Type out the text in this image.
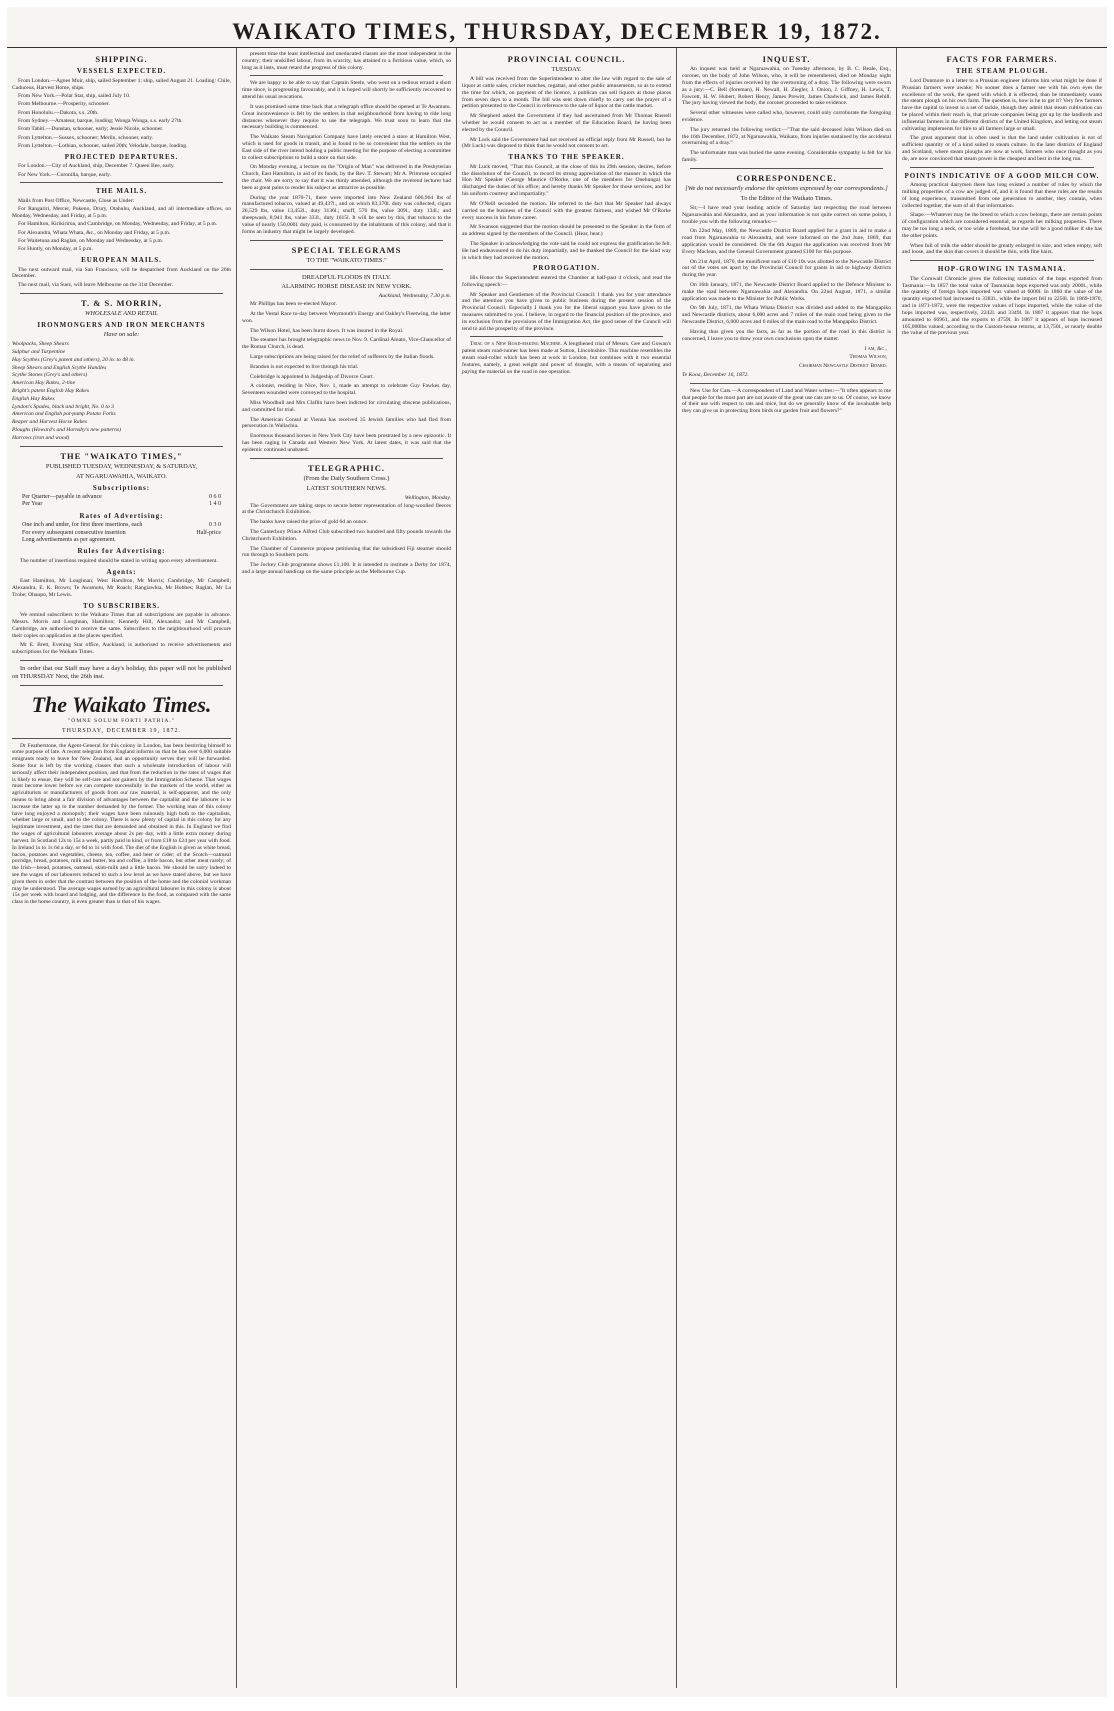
WAIKATO TIMES, THURSDAY, DECEMBER 19, 1872.
SHIPPING.
VESSELS EXPECTED.
From London.—Agnes Muir, ship, sailed September 1; ship, sailed August 21. Loading: Chile, Caduceus, Harvest Home, ships.
From New York.—Polar Star, ship, sailed July 10.
From Melbourne.—Prosperity, schooner.
From Honolulu.—Dakota, s.s. 20th.
From Sydney.—Amateur, barque, loading; Wonga Wonga, s.s. early 27th.
From Tahiti.—Dunstan, schooner, early; Jessie Nicole, schooner.
From Lyttelton.—Sussex, schooner; Merlin, schooner, early.
From Lyttelton.—Lothian, schooner, sailed 20th; Velodale, barque, loading.
PROJECTED DEPARTURES.
For London.—City of Auckland, ship, December 7. Queen Bee, early.
For New York.—Coronilla, barque, early.
THE MAILS.
Mails from Post Office, Newcastle, Close as Under:
For Rangariri, Mercer, Pokeno, Drury, Otahuhu, Auckland, and all intermediate offices, on Monday, Wednesday, and Friday, at 5 p.m.
For Hamilton, Kirikiriroa, and Cambridge, on Monday, Wednesday, and Friday, at 5 p.m.
For Alexandra, Whata Whata, &c., on Monday and Friday, at 5 p.m.
For Waitetuna and Raglan, on Monday and Wednesday, at 5 p.m.
For Huntly, on Monday, at 5 p.m.
EUROPEAN MAILS.
The next outward mail, via San Francisco, will be despatched from Auckland on the 26th December.
The next mail, via Suez, will leave Melbourne on the 31st December.
T. & S. MORRIN,
WHOLESALE AND RETAIL
IRONMONGERS AND IRON MERCHANTS
Have on sale:
Woolpacks, Sheep Shears
Sulphur and Turpentine
Hay Scythes (Grey's patent and others), 20 in. to 48 in.
Sheep Shears and English Scythe Handles
Scythe Stones (Grey's and others)
American Hay Rakes, 2-tine
Bright's patent English Hay Rakes
English Hay Rakes
Lyndon's Spades, black and bright, No. 0 to 3
American and English pot-pump Potato Forks
Reaper and Harvest Horse Rakes
Ploughs (Howard's and Hornsby's new patterns)
Harrows (iron and wood)
THE "WAIKATO TIMES,"
PUBLISHED TUESDAY, WEDNESDAY, & SATURDAY,
AT NGARUAWAHIA, WAIKATO.
Subscriptions:
Per Quarter—payable in advance	0 6 0
Per Year	1 4 0
Rates of Advertising:
One inch and under, for first three insertions, each	0 3 0
For every subsequent consecutive insertion	Half-price
Long advertisements as per agreement.
Rules for Advertising:
The number of insertions required should be stated in writing upon every advertisement.
Agents:
East Hamilton, Mr Loughnan; West Hamilton, Mr Morris; Cambridge, Mr Campbell; Alexandra, E. K. Brown; Te Awamutu, Mr Roach; Rangiawhia, Mr Hobbes; Raglan, Mr La Trobe; Ohaupo, Mr Lewis.
TO SUBSCRIBERS.
We remind subscribers to the Waikato Times that all subscriptions are payable in advance. Messrs. Morris and Loughnan, Hamilton; Kennedy Hill, Alexandra; and Mr Campbell, Cambridge, are authorised to receive the same. Subscribers to the neighbourhood will procure their copies on application at the places specified.
Mr E. Brett, Evening Star office, Auckland, is authorised to receive advertisements and subscriptions for the Waikato Times.
In order that our Staff may have a day's holiday, this paper will not be published on THURSDAY Next, the 26th inst.
The Waikato Times.
"OMNE SOLUM FORTI PATRIA."
THURSDAY, DECEMBER 19, 1872.
Dr Featherstone, the Agent-General for this colony in London, has been bestirring himself to some purpose of late. A recent telegram from England informs us that he has over 6,000 suitable emigrants ready to leave for New Zealand, and an opportunity serves they will be forwarded. Some four is left by the working classes that such a wholesale introduction of labour will seriously affect their independent position, and that from the reduction in the rates of wages that is likely to ensue, they will be self-rare and not gainers by the Immigration Scheme. That wages must become lower before we can compete successfully in the markets of the world, either as agriculturists or manufacturers of goods from our raw material, is self-apparent, and the only means to bring about a fair division of advantages between the capitalist and the labourer is to increase the latter up to the number demanded by the former. The working man of this colony have long enjoyed a monopoly; their wages have been ruinously high both to the capitalists, whether large or small, and to the colony. There is now plenty of capital in this colony for any legitimate investment, and the rates that are demanded and obtained in this. In England we find the wages of agricultural labourers average about 2s per day, with a little extra money during harvest. In Scotland 12s to 15s a week, partly paid in kind, or from £18 to £24 per year with food. In Ireland 1s to 1s 6d a day, or 6d to 1s with food. The diet of the English is given as white bread, bacon, potatoes and vegetables, cheese, tea, coffee, and beer or cider; of the Scotch—oatmeal porridge, bread, potatoes, milk and butter, tea and coffee, a little bacon, but other meat rarely; of the Irish—bread, potatoes, oatmeal, skim-milk and a little bacon. We should be sorry indeed to see the wages of our labourers reduced to such a low level as we have stated above, but we have given them in order that the contrast between the position of the home and the colonial workman may be understood. The average wages earned by an agricultural labourer in this colony is about 15s per week with board and lodging, and the difference in the food, as compared with the same class in the home country, is even greater than is that of his wages.
present time the least intellectual and uneducated classes are the most independent in the country; their unskilled labour, from its scarcity, has attained to a fictitious value, which, so long as it lasts, must retard the progress of this colony.
We are happy to be able to say that Captain Steele, who went on a tedious errand a short time since, is progressing favourably, and it is hoped will shortly be sufficiently recovered to attend his usual avocations.
It was promised some time back that a telegraph office should be opened at Te Awamutu. Great inconvenience is felt by the settlers in that neighbourhood from having to ride long distances whenever they require to use the telegraph. We trust soon to learn that the necessary building is commenced.
The Waikato Steam Navigation Company have lately erected a store at Hamilton West, which is used for goods in transit, and is found to be so convenient that the settlers on the East side of the river intend holding a public meeting for the purpose of electing a committee to collect subscriptions to build a store on that side.
On Monday evening, a lecture on the "Origin of Man" was delivered in the Presbyterian Church, East Hamilton, in aid of its funds, by the Rev. T. Stewart; Mr A. Primrose occupied the chair. We are sorry to say that it was thinly attended, although the reverend lecturer had been at great pains to render his subject as attractive as possible.
During the year 1870-71, there were imported into New Zealand 606,964 lbs of manufactured tobacco, valued at 49,437l., and on which 83,370l. duty was collected; cigars 26,529 lbs, value 13,452l., duty 3136l.; snuff, 576 lbs, value 309l., duty 134l.; and sheepwash, 8,941 lbs, value 333l., duty 1615l. It will be seen by this, that tobacco to the value of nearly 150,000l. duty paid, is consumed by the inhabitants of this colony, and that it forms an industry that might be largely developed.
SPECIAL TELEGRAMS
TO THE "WAIKATO TIMES."
DREADFUL FLOODS IN ITALY.
ALARMING HORSE DISEASE IN NEW YORK.
Auckland, Wednesday, 7.30 p.m.
Mr Phillips has been re-elected Mayor.
At the Vestal Race to-day between Weymouth's Energy and Oakley's Fleetwing, the latter won.
The Wilson Hotel, has been burnt down. It was insured in the Royal.
The steamer has brought telegraphic news to Nov. 9. Cardinal Amato, Vice-Chancellor of the Roman Church, is dead.
Large subscriptions are being raised for the relief of sufferers by the Italian floods.
Brandon is not expected to live through his trial.
Colebridge is appointed to Judgeship of Divorce Court.
A colonist, residing in Nice, Nov. 1, made an attempt to celebrate Guy Fawkes day. Seventeen wounded were conveyed to the hospital.
Miss Woodhull and Mrs Claflin have been indicted for circulating obscene publications, and committed for trial.
The American Consul at Vienna has received 35 Jewish families who had fled from persecution in Wallachia.
Enormous thousand horses in New York City have been prostrated by a new epizootic. It has been raging in Canada and Western New York. At latest dates, it was said that the epidemic continued unabated.
TELEGRAPHIC.
(From the Daily Southern Cross.)
LATEST SOUTHERN NEWS.
Wellington, Monday.
The Government are taking steps to secure better representation of long-woolled fleeces at the Christchurch Exhibition.
The banks have raised the price of gold 6d an ounce.
The Canterbury Prince Alfred Club subscribed two hundred and fifty pounds towards the Christchurch Exhibition.
The Chamber of Commerce propose petitioning that the subsidised Fiji steamer should run through to Southern ports.
The Jockey Club programme shows £1,100. It is intended to institute a Derby for 1874, and a large annual handicap on the same principle as the Melbourne Cup.
PROVINCIAL COUNCIL.
TUESDAY.
A bill was received from the Superintendent to alter the law with regard to the sale of liquor at cattle sales, cricket matches, regattas, and other public amusements, so as to extend the time for which, on payment of the licence, a publican can sell liquors at those places from seven days to a month. The bill was sent down chiefly to carry out the prayer of a petition presented to the Council in reference to the sale of liquor at the cattle market.
Mr Shepherd asked the Government if they had ascertained from Mr Thomas Russell whether he would consent to act as a member of the Education Board, he having been elected by the Council.
Mr Luck said the Government had not received an official reply from Mr Russell, but he (Mr Luck) was disposed to think that he would not consent to act.
THANKS TO THE SPEAKER.
Mr Luck moved, "That this Council, at the close of this its 29th session, desires, before the dissolution of the Council, to record its strong appreciation of the manner in which the Hon Mr Speaker (George Maurice O'Rorke, one of the members for Onehunga) has discharged the duties of his office; and hereby thanks Mr Speaker for those services, and for his uniform courtesy and impartiality."
Mr O'Neill seconded the motion. He referred to the fact that Mr Speaker had always carried on the business of the Council with the greatest fairness, and wished Mr O'Rorke every success in his future career.
Mr Swanson suggested that the motion should be presented to the Speaker in the form of an address signed by the members of the Council. (Hear, hear.)
The Speaker in acknowledging the vote said he could not express the gratification he felt. He had endeavoured to do his duty impartially, and he thanked the Council for the kind way in which they had received the motion.
PROROGATION.
His Honor the Superintendent entered the Chamber at half-past 4 o'clock, and read the following speech:—
Mr Speaker and Gentlemen of the Provincial Council: I thank you for your attendance and the attention you have given to public business during the present session of the Provincial Council. Especially I thank you for the liberal support you have given to the measures submitted to you. I believe, in regard to the financial position of the province, and its exclusion from the provisions of the Immigration Act, the good sense of the Council will tend to aid the prosperity of the province.
Trial of a New Road-making Machine. A lengthened trial of Messrs. Gee and Gowan's patent steam road-runner has been made at Sutton, Lincolnshire. This machine resembles the steam road-roller which has been at work in London, but combines with it two essential features, namely, a great weight and power of draught, with a means of separating and paying the material on the road in one operation.
INQUEST.
An inquest was held at Ngaruawahia, on Tuesday afternoon, by B. C. Beale, Esq., coroner, on the body of John Wilson, who, it will be remembered, died on Monday night from the effects of injuries received by the overturning of a dray. The following were sworn as a jury:—C. Bell (foreman), H. Newall, H. Ziegler, J. Onion, J. Giffney, H. Lewis, T. Fawcett, H. W. Hubert, Robert Henry, James Prewitt, James Chadwick, and James Rehill. The jury having viewed the body, the coroner proceeded to take evidence.
Several other witnesses were called who, however, could only corroborate the foregoing evidence.
The jury returned the following verdict:—"That the said deceased John Wilson died on the 16th December, 1872, at Ngaruawahia, Waikato, from injuries sustained by the accidental overturning of a dray."
The unfortunate man was buried the same evening. Considerable sympathy is felt for his family.
CORRESPONDENCE.
[We do not necessarily endorse the opinions expressed by our correspondents.]
To the Editor of the Waikato Times.
Sir,—I have read your leading article of Saturday last respecting the road between Ngaruawahia and Alexandra, and as your information is not quite correct on some points, I trouble you with the following remarks:—
On 22nd May, 1869, the Newcastle District Board applied for a grant in aid to make a road from Ngaruawahia to Alexandra, and were informed on the 2nd June, 1869, that application would be considered. On the 6th August the application was received from Mr Every Maclean, and the General Government granted £100 for this purpose.
On 21st April, 1870, the munificent sum of £10 10s was allotted to the Newcastle District out of the votes set apart by the Provincial Council for grants in aid to highway districts during the year.
On 16th January, 1871, the Newcastle District Board applied to the Defence Minister to make the road between Ngaruawahia and Alexandra. On 22nd August, 1871, a similar application was made to the Minister for Public Works.
On 9th July, 1871, the Whata Whata District was divided and added to the Mangapiko and Newcastle districts, about 6,000 acres and 7 miles of the main road being given to the Newcastle District, 6,000 acres and 6 miles of the main road to the Mangapiko District.
Having thus given you the facts, as far as the portion of the road in this district is concerned, I leave you to draw your own conclusions upon the matter.
I am, &c.,
Thomas Wilson,
Chairman Newcastle District Board.
Te Kooa, December 16, 1872.
New Use for Cats.—A correspondent of Land and Water writes:—"It often appears to me that people for the most part are not aware of the great use cats are to us. Of course, we know of their use with respect to rats and mice, but do we generally know of the invaluable help they can give us in protecting from birds our garden fruit and flowers?"
FACTS FOR FARMERS.
THE STEAM PLOUGH.
Lord Dunmore in a letter to a Prussian engineer informs him what might be done if Prussian farmers were awake; No sooner does a farmer see with his own eyes the excellence of the work, the speed with which it is effected, than he immediately wants the steam plough on his own farm. The question is, how is he to get it? Very few farmers have the capital to invest in a set of tackle, though they admit that steam cultivation can be placed within their reach is, that private companies being got up by the landlords and influential farmers in the different districts of the United Kingdom, and letting out steam cultivating implements for hire to all farmers large or small.
The great argument that is often used is that the land under cultivation is not of sufficient quantity or of a kind suited to steam culture. In the later districts of England and Scotland, where steam ploughs are now at work, farmers who once thought as you do, are now convinced that steam power is the cheapest and best in the long run.
POINTS INDICATIVE OF A GOOD MILCH COW.
Among practical dairymen there has long existed a number of rules by which the milking properties of a cow are judged of, and it is found that these rules are the results of long experience, transmitted from one generation to another, they contain, when collected together, the sum of all that information.
Shape.—Whatever may be the breed to which a cow belongs, there are certain points of configuration which are considered essential, as regards her milking properties. There may be too long a neck, or too wide a forehead, but she will be a good milker if she has the other points.
When full of milk the udder should be greatly enlarged in size, and when empty, soft and loose, and the skin that covers it should be thin, with fine hairs.
HOP-GROWING IN TASMANIA.
The Cornwall Chronicle gives the following statistics of the hops exported from Tasmania:—In 1857 the total value of Tasmanian hops exported was only 2000l., while the quantity of foreign hops imported was valued at 6000l. In 1860 the value of the quantity exported had increased to 3383l., while the import fell to 2250l. In 1869-1870, and in 1871-1872, were the respective values of hops imported, while the value of the hops imported was, respectively, 2242l. and 3349l. In 1867 it appears that the hops amounted to 66961, and the exports to 4759l. In 1867 it appears of hops increased 105,000lbs valued, according to the Custom-house returns, at 13,750l., or nearly double the value of the previous year.
